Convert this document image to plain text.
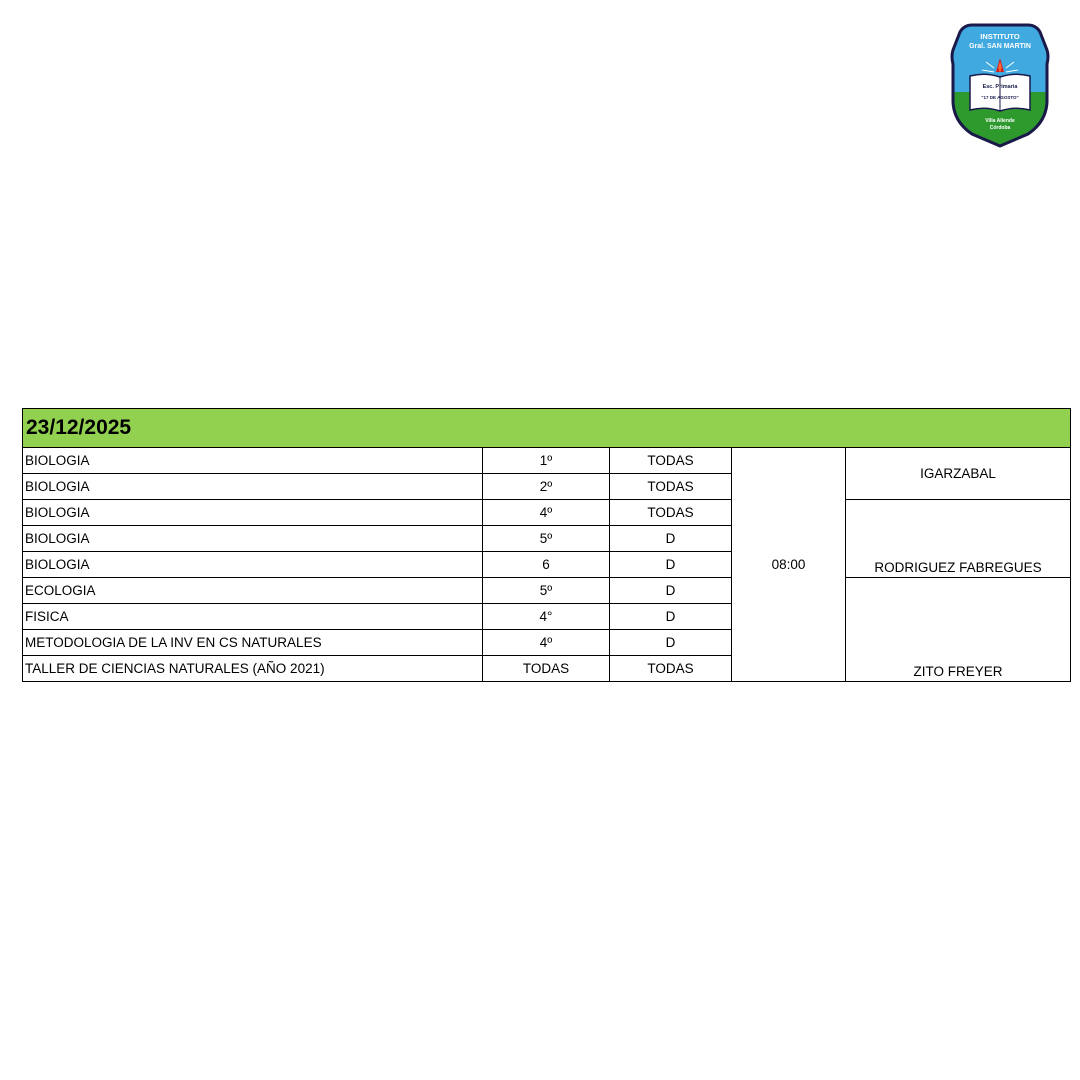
INSTITUTO
Gral. SAN MARTIN
Esc. Primaria
"17 DE AGOSTO"
Villa Allende
Córdoba
23/12/2025				
BIOLOGIA	1º	TODAS	08:00	IGARZABAL
BIOLOGIA	2º	TODAS		
BIOLOGIA	4º	TODAS		RODRIGUEZ FABREGUES
BIOLOGIA	5º	D		
BIOLOGIA	6	D		
ECOLOGIA	5º	D		ZITO FREYER
FISICA	4°	D		
METODOLOGIA DE LA INV EN CS NATURALES	4º	D		
TALLER DE CIENCIAS NATURALES (AÑO 2021)	TODAS	TODAS		
